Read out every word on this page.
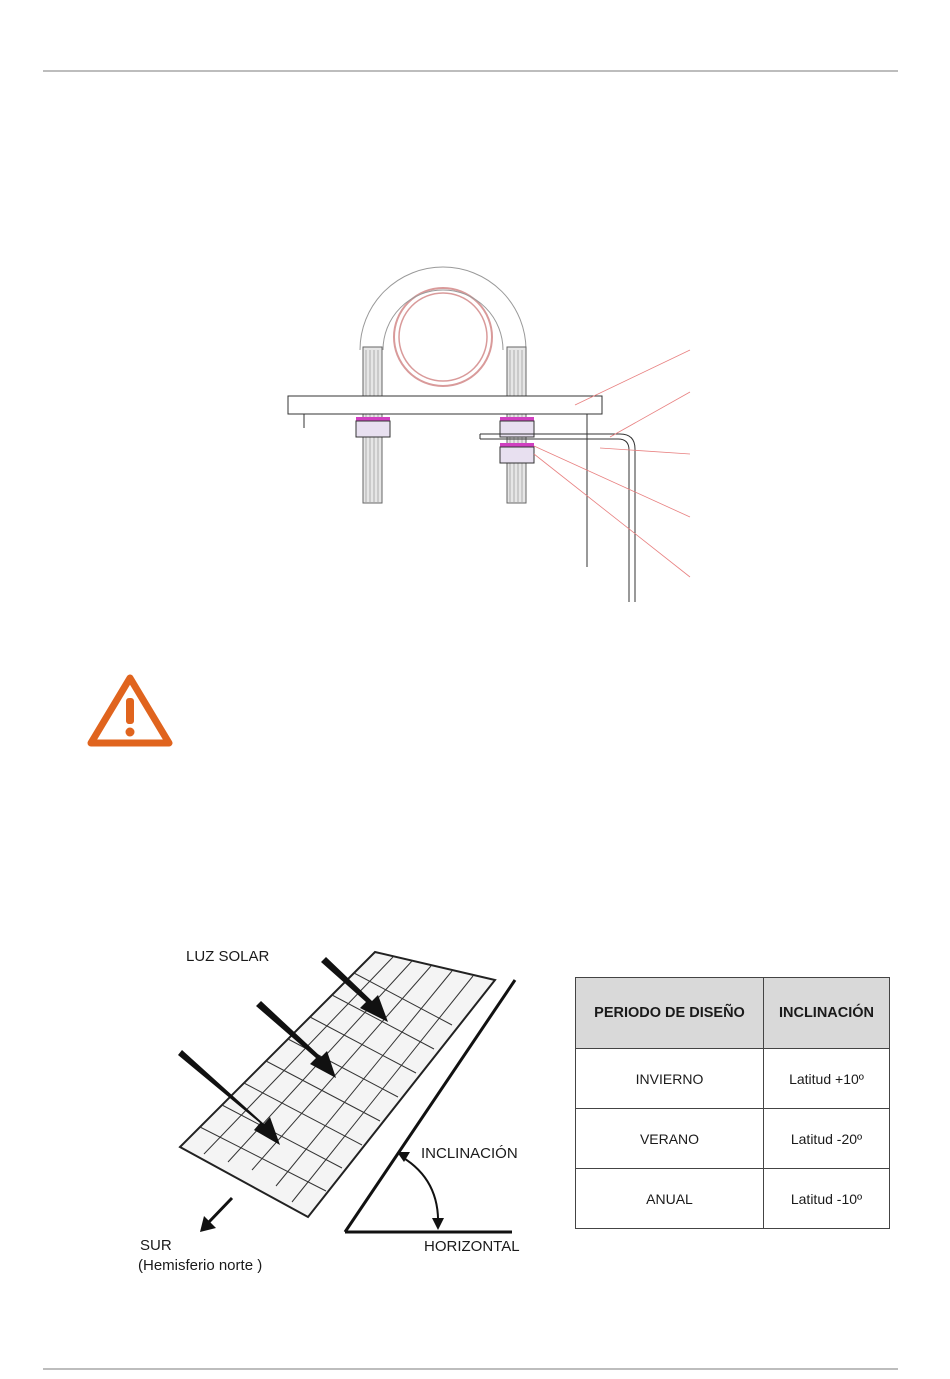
LUZ SOLAR
INCLINACIÓN
HORIZONTAL
SUR
(Hemisferio norte )
PERIODO DE DISEÑO	INCLINACIÓN
INVIERNO	Latitud +10º
VERANO	Latitud -20º
ANUAL	Latitud -10º
